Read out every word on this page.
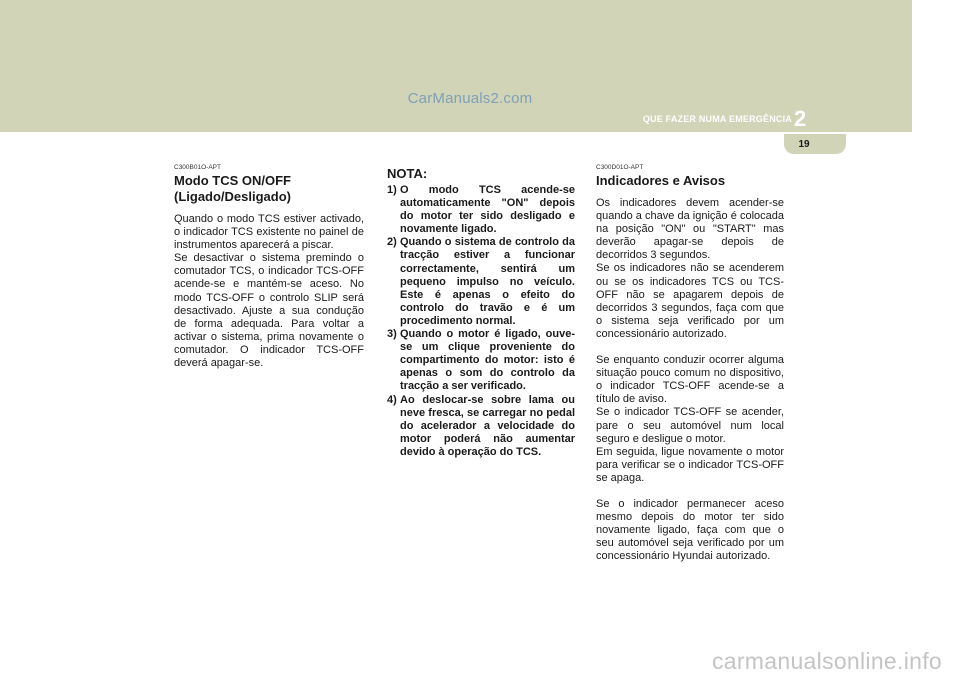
CarManuals2.com
QUE FAZER NUMA EMERGÊNCIA 2
19
C300B01O-APT
Modo TCS ON/OFF
(Ligado/Desligado)

Quando o modo TCS estiver activado, o indicador TCS existente no painel de instrumentos aparecerá a piscar.

Se desactivar o sistema premindo o comutador TCS, o indicador TCS-OFF acende-se e mantém-se aceso. No modo TCS-OFF o controlo SLIP será desactivado. Ajuste a sua condução de forma adequada. Para voltar a activar o sistema, prima novamente o comutador. O indicador TCS-OFF deverá apagar-se.

NOTA:
1) O modo TCS acende-se automaticamente "ON" depois do motor ter sido desligado e novamente ligado.
2) Quando o sistema de controlo da tracção estiver a funcionar correctamente, sentirá um pequeno impulso no veículo. Este é apenas o efeito do controlo do travão e é um procedimento normal.
3) Quando o motor é ligado, ouve-se um clique proveniente do compartimento do motor: isto é apenas o som do controlo da tracção a ser verificado.
4) Ao deslocar-se sobre lama ou neve fresca, se carregar no pedal do acelerador a velocidade do motor poderá não aumentar devido à operação do TCS.
C300D01O-APT
Indicadores e Avisos

Os indicadores devem acender-se quando a chave da ignição é colocada na posição "ON" ou "START" mas deverão apagar-se depois de decorridos 3 segundos.

Se os indicadores não se acenderem ou se os indicadores TCS ou TCS-OFF não se apagarem depois de decorridos 3 segundos, faça com que o sistema seja verificado por um concessionário autorizado.

Se enquanto conduzir ocorrer alguma situação pouco comum no dispositivo, o indicador TCS-OFF acende-se a título de aviso.

Se o indicador TCS-OFF se acender, pare o seu automóvel num local seguro e desligue o motor.

Em seguida, ligue novamente o motor para verificar se o indicador TCS-OFF se apaga.

Se o indicador permanecer aceso mesmo depois do motor ter sido novamente ligado, faça com que o seu automóvel seja verificado por um concessionário Hyundai autorizado.

carmanualsonline.info
